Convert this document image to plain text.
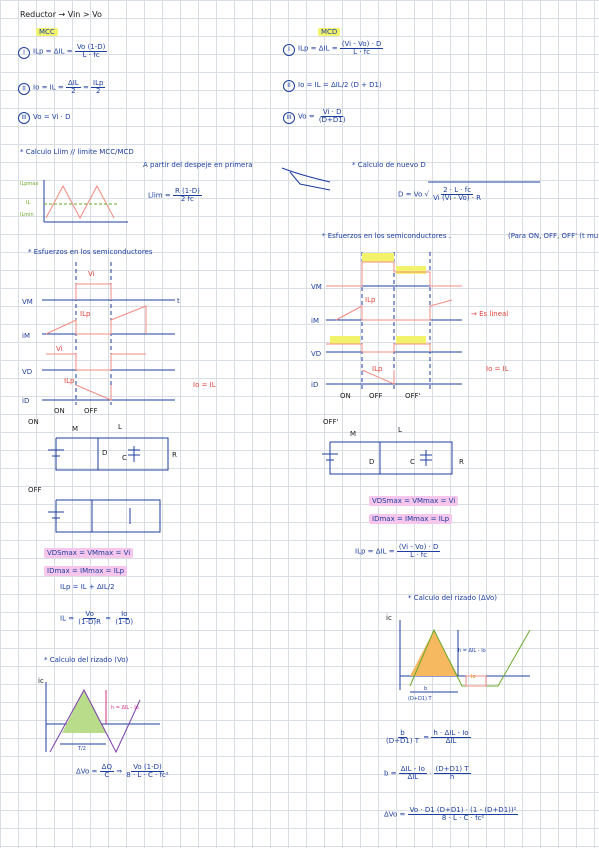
Reductor → Vin > Vo
MCC
I ILp = $\Delta IL = \frac{Vo (1-D)}{L \cdot fc}$
II Io = IL = $\frac{\text{ΔIL}}{2} = \frac{\text{ILp}}{2}$
III Vo = Vi · D
MCD
I ILp = $\Delta IL = \frac{(Vi - Vo) \cdot D}{L \cdot fc}$
II Io = IL = ΔIL/2 (D + D1)
III $Vo = \frac{Vi \cdot D}{(D+D1)}$
* Calculo Llim // limite MCC/MCD
A partir del despeje en primera
$Llim = \frac{R (1-D)}{2 fc}$
ILpmax
IL
ILmin
* Calculo de nuevo D
D = Vo √ $\frac{2 \cdot L \cdot fc}{Vi (Vi - Vo) \cdot R}$
* Esfuerzos en los semiconductores
VM
iM
VD
iD
Vi
ILp
Vi
ILp
t
ON	OFF
Io = IL
* Esfuerzos en los semiconductores .	(Para ON, OFF, OFF' (t mu
VM
iM
VD
iD
ILp
ILp
→ Es lineal
ON	OFF	OFF'
Io = IL
OFF'
ON
M	L
D
C	R
OFF
M	L
D	C	R
VDSmax = VMmax = Vi
IDmax = IMmax = ILp
ILp = IL + ΔIL/2
IL = $\frac{Vo}{(1-D)R} = \frac{Io}{(1-D)}$
VDSmax = VMmax = Vi
IDmax = IMmax = ILp
ILp = $\Delta IL = \frac{(Vi - Vo) \cdot D}{L \cdot fc}$
* Calculo del rizado (Vo)
ic
h = ΔIL - Io
T/2
$\Delta Vo = \frac{\Delta Q}{C}$ ⇒ $\frac{Vo (1-D)}{\text{8 · L · C · fc²}}$
* Calculo del rizado (ΔVo)
ic
h = ΔIL - Io
b
Io
(D+D1) T
$\frac{b}{(D+D1) T} = \frac{\text{h · ΔIL - Io}}{\text{ΔIL}}$
$b = \frac{\text{ΔIL - Io}}{\text{ΔIL}} \cdot \frac{(D+D1) T}{h}$
$\Delta Vo = \frac{\text{Vo · D1 (D+D1) · (1 - (D+D1))²}}{\text{8 · L · C · fc²}}$
